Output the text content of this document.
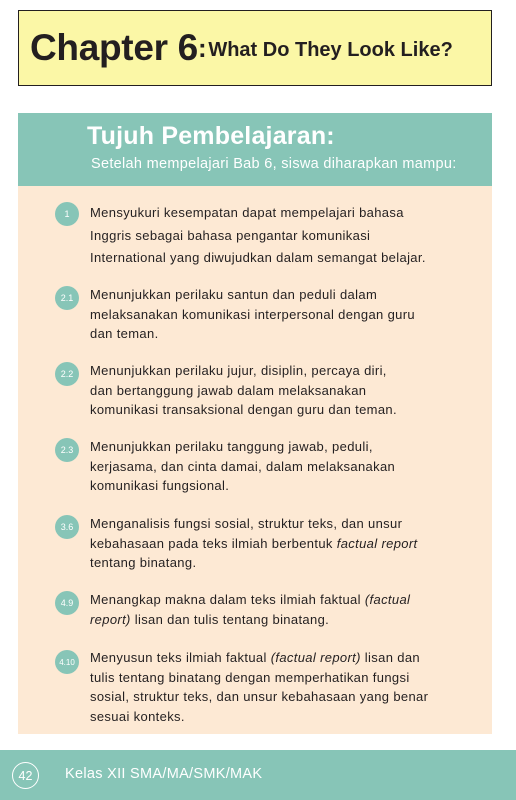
Chapter 6 : What Do They Look Like?
Tujuh Pembelajaran:
Setelah mempelajari Bab 6, siswa diharapkan mampu:
1	Mensyukuri kesempatan dapat mempelajari bahasa
Inggris sebagai bahasa pengantar komunikasi
International yang diwujudkan dalam semangat belajar.
2.1	Menunjukkan perilaku santun dan peduli dalam
melaksanakan komunikasi interpersonal dengan guru
dan teman.
2.2	Menunjukkan perilaku jujur, disiplin, percaya diri,
dan bertanggung jawab dalam melaksanakan
komunikasi transaksional dengan guru dan teman.
2.3	Menunjukkan perilaku tanggung jawab, peduli,
kerjasama, dan cinta damai, dalam melaksanakan
komunikasi fungsional.
3.6	Menganalisis fungsi sosial, struktur teks, dan unsur
kebahasaan pada teks ilmiah berbentuk factual report
tentang binatang.
4.9	Menangkap makna dalam teks ilmiah faktual (factual
report) lisan dan tulis tentang binatang.
4.10	Menyusun teks ilmiah faktual (factual report) lisan dan
tulis tentang binatang dengan memperhatikan fungsi
sosial, struktur teks, dan unsur kebahasaan yang benar
sesuai konteks.
42	Kelas XII SMA/MA/SMK/MAK
